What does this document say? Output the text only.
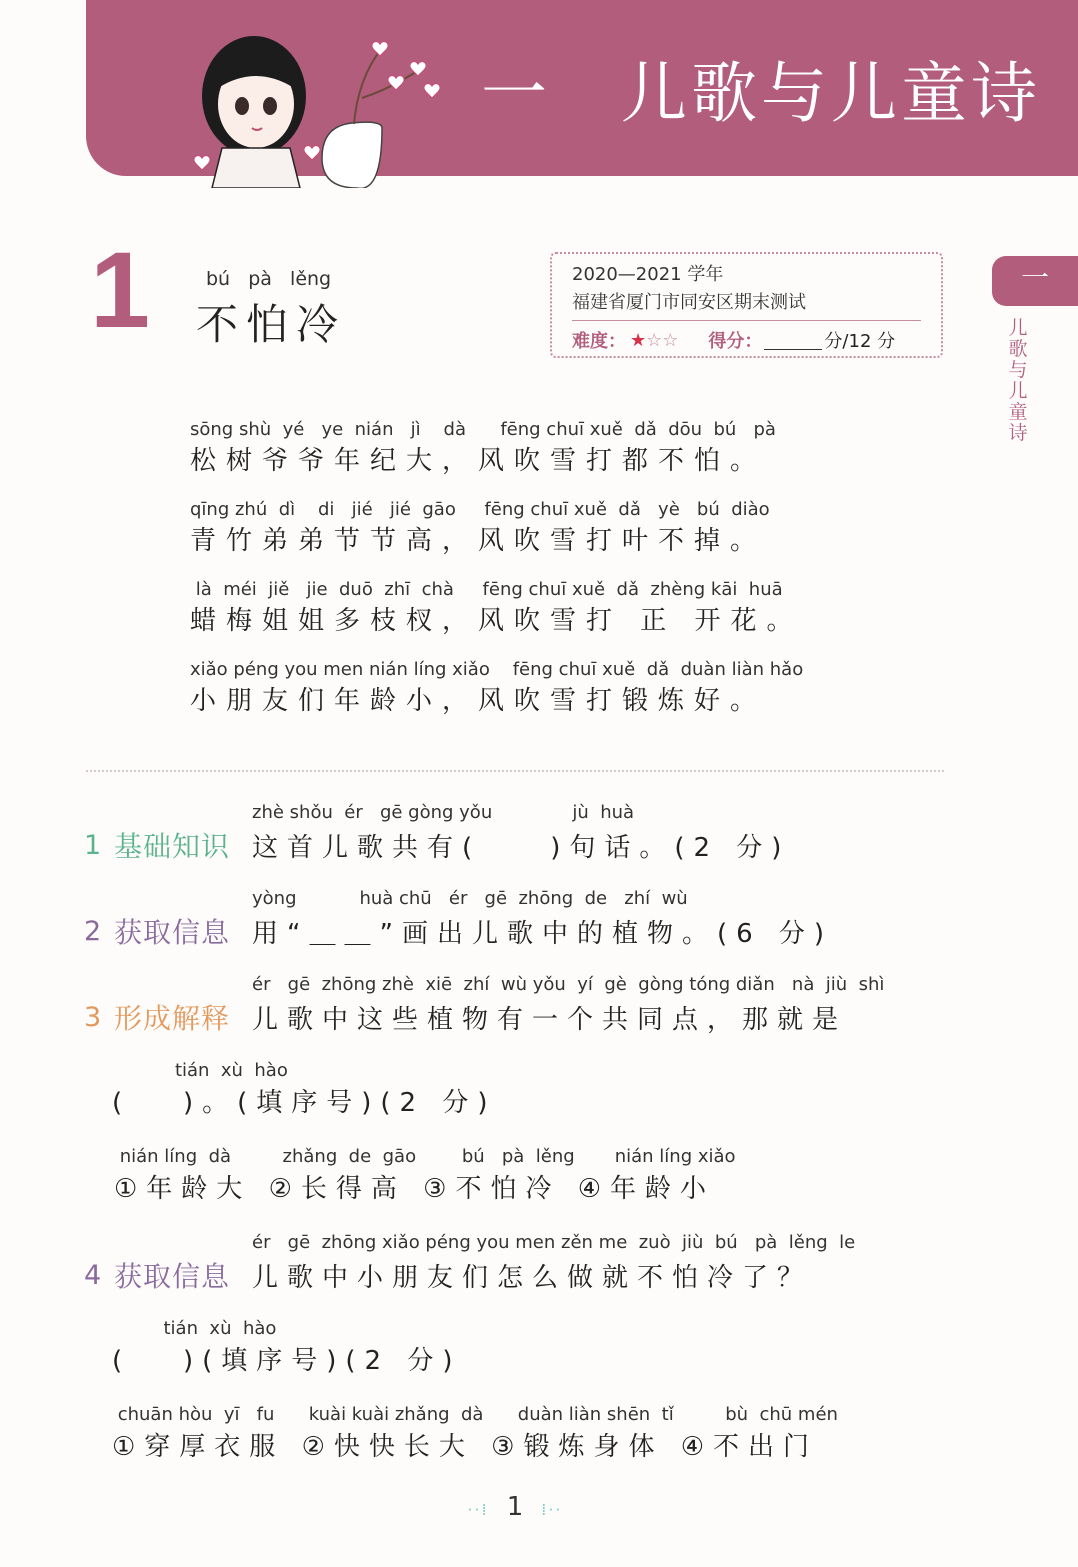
一 儿歌与儿童诗
一
儿歌与儿童诗
1	bú   pà   lěng
不怕冷
2020—2021 学年
福建省厦门市同安区期末测试
难度： ★☆☆ 得分：	分/12 分
sōng shù  yé   ye  nián   jì    dà      fēng chuī xuě  dǎ  dōu  bú   pà
松树爷爷年纪大，风吹雪打都不怕。
qīng zhú  dì    di   jié   jié  gāo     fēng chuī xuě  dǎ   yè   bú  diào
青竹弟弟节节高，风吹雪打叶不掉。
là  méi  jiě   jie  duō  zhī  chà     fēng chuī xuě  dǎ  zhèng kāi  huā
蜡梅姐姐多枝杈，风吹雪打 正 开花。
xiǎo péng you men nián líng xiǎo    fēng chuī xuě  dǎ  duàn liàn hǎo
小朋友们年龄小，风吹雪打锻炼好。
zhè shǒu  ér   gē gòng yǒu              jù  huà
1 基础知识 这首儿歌共有(    )句话。(2 分)
yòng           huà chū   ér   gē  zhōng  de   zhí  wù
2 获取信息 用“＿＿”画出儿歌中的植物。(6 分)
ér   gē  zhōng zhè  xiē  zhí  wù yǒu  yí  gè  gòng tóng diǎn   nà  jiù  shì
3 形成解释 儿歌中这些植物有一个共同点，那就是
tián  xù  hào
(   )。(填序号)(2 分)
nián líng  dà         zhǎng  de  gāo        bú   pà  lěng       nián líng xiǎo
①年龄大 ②长得高 ③不怕冷 ④年龄小
ér   gē  zhōng xiǎo péng you men zěn me  zuò  jiù  bú   pà  lěng  le
4 获取信息 儿歌中小朋友们怎么做就不怕冷了？
tián  xù  hào
(   )(填序号)(2 分)
chuān hòu  yī   fu      kuài kuài zhǎng  dà      duàn liàn shēn  tǐ         bù  chū mén
①穿厚衣服 ②快快长大 ③锻炼身体 ④不出门
··⁞ 1 ⁞··
